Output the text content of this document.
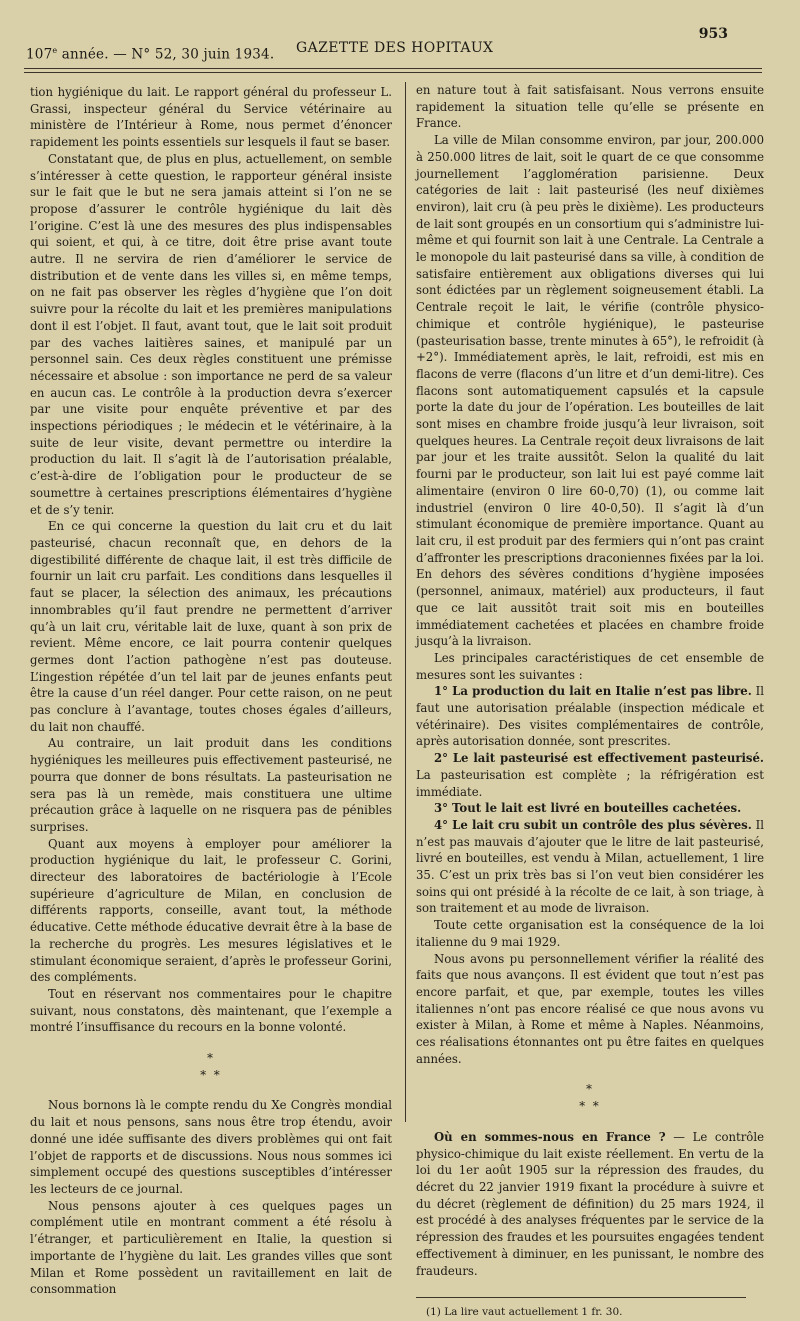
107e année. — N° 52, 30 juin 1934. GAZETTE DES HOPITAUX
953

tion hygiénique du lait. Le rapport général du professeur L. Grassi, inspecteur général du Service vétérinaire au ministère de l’Intérieur à Rome, nous permet d’énoncer rapidement les points essentiels sur lesquels il faut se baser.

Constatant que, de plus en plus, actuellement, on semble s’intéresser à cette question, le rapporteur général insiste sur le fait que le but ne sera jamais atteint si l’on ne se propose d’assurer le contrôle hygiénique du lait dès l’origine. C’est là une des mesures des plus indispensables qui soient, et qui, à ce titre, doit être prise avant toute autre. Il ne servira de rien d’améliorer le service de distribution et de vente dans les villes si, en même temps, on ne fait pas observer les règles d’hygiène que l’on doit suivre pour la récolte du lait et les premières manipulations dont il est l’objet. Il faut, avant tout, que le lait soit produit par des vaches laitières saines, et manipulé par un personnel sain. Ces deux règles constituent une prémisse nécessaire et absolue : son importance ne perd de sa valeur en aucun cas. Le contrôle à la production devra s’exercer par une visite pour enquête préventive et par des inspections périodiques ; le médecin et le vétérinaire, à la suite de leur visite, devant permettre ou interdire la production du lait. Il s’agit là de l’autorisation préalable, c’est-à-dire de l’obligation pour le producteur de se soumettre à certaines prescriptions élémentaires d’hygiène et de s’y tenir.

En ce qui concerne la question du lait cru et du lait pasteurisé, chacun reconnaît que, en dehors de la digestibilité différente de chaque lait, il est très difficile de fournir un lait cru parfait. Les conditions dans lesquelles il faut se placer, la sélection des animaux, les précautions innombrables qu’il faut prendre ne permettent d’arriver qu’à un lait cru, véritable lait de luxe, quant à son prix de revient. Même encore, ce lait pourra contenir quelques germes dont l’action pathogène n’est pas douteuse. L’ingestion répétée d’un tel lait par de jeunes enfants peut être la cause d’un réel danger. Pour cette raison, on ne peut pas conclure à l’avantage, toutes choses égales d’ailleurs, du lait non chauffé.

Au contraire, un lait produit dans les conditions hygiéniques les meilleures puis effectivement pasteurisé, ne pourra que donner de bons résultats. La pasteurisation ne sera pas là un remède, mais constituera une ultime précaution grâce à laquelle on ne risquera pas de pénibles surprises.

Quant aux moyens à employer pour améliorer la production hygiénique du lait, le professeur C. Gorini, directeur des laboratoires de bactériologie à l’Ecole supérieure d’agriculture de Milan, en conclusion de différents rapports, conseille, avant tout, la méthode éducative. Cette méthode éducative devrait être à la base de la recherche du progrès. Les mesures législatives et le stimulant économique seraient, d’après le professeur Gorini, des compléments.

Tout en réservant nos commentaires pour le chapitre suivant, nous constatons, dès maintenant, que l’exemple a montré l’insuffisance du recours en la bonne volonté.

*
* *

Nous bornons là le compte rendu du Xe Congrès mondial du lait et nous pensons, sans nous être trop étendu, avoir donné une idée suffisante des divers problèmes qui ont fait l’objet de rapports et de discussions. Nous nous sommes ici simplement occupé des questions susceptibles d’intéresser les lecteurs de ce journal.

Nous pensons ajouter à ces quelques pages un complément utile en montrant comment a été résolu à l’étranger, et particulièrement en Italie, la question si importante de l’hygiène du lait. Les grandes villes que sont Milan et Rome possèdent un ravitaillement en lait de consommation

en nature tout à fait satisfaisant. Nous verrons ensuite rapidement la situation telle qu’elle se présente en France.

La ville de Milan consomme environ, par jour, 200.000 à 250.000 litres de lait, soit le quart de ce que consomme journellement l’agglomération parisienne. Deux catégories de lait : lait pasteurisé (les neuf dixièmes environ), lait cru (à peu près le dixième). Les producteurs de lait sont groupés en un consortium qui s’administre lui-même et qui fournit son lait à une Centrale. La Centrale a le monopole du lait pasteurisé dans sa ville, à condition de satisfaire entièrement aux obligations diverses qui lui sont édictées par un règlement soigneusement établi. La Centrale reçoit le lait, le vérifie (contrôle physico-chimique et contrôle hygiénique), le pasteurise (pasteurisation basse, trente minutes à 65°), le refroidit (à +2°). Immédiatement après, le lait, refroidi, est mis en flacons de verre (flacons d’un litre et d’un demi-litre). Ces flacons sont automatiquement capsulés et la capsule porte la date du jour de l’opération. Les bouteilles de lait sont mises en chambre froide jusqu’à leur livraison, soit quelques heures. La Centrale reçoit deux livraisons de lait par jour et les traite aussitôt. Selon la qualité du lait fourni par le producteur, son lait lui est payé comme lait alimentaire (environ 0 lire 60-0,70) (1), ou comme lait industriel (environ 0 lire 40-0,50). Il s’agit là d’un stimulant économique de première importance. Quant au lait cru, il est produit par des fermiers qui n’ont pas craint d’affronter les prescriptions draconiennes fixées par la loi. En dehors des sévères conditions d’hygiène imposées (personnel, animaux, matériel) aux producteurs, il faut que ce lait aussitôt trait soit mis en bouteilles immédiatement cachetées et placées en chambre froide jusqu’à la livraison.

Les principales caractéristiques de cet ensemble de mesures sont les suivantes :

1° La production du lait en Italie n’est pas libre. Il faut une autorisation préalable (inspection médicale et vétérinaire). Des visites complémentaires de contrôle, après autorisation donnée, sont prescrites.

2° Le lait pasteurisé est effectivement pasteurisé. La pasteurisation est complète ; la réfrigération est immédiate.

3° Tout le lait est livré en bouteilles cachetées.

4° Le lait cru subit un contrôle des plus sévères. Il n’est pas mauvais d’ajouter que le litre de lait pasteurisé, livré en bouteilles, est vendu à Milan, actuellement, 1 lire 35. C’est un prix très bas si l’on veut bien considérer les soins qui ont présidé à la récolte de ce lait, à son triage, à son traitement et au mode de livraison.

Toute cette organisation est la conséquence de la loi italienne du 9 mai 1929.

Nous avons pu personnellement vérifier la réalité des faits que nous avançons. Il est évident que tout n’est pas encore parfait, et que, par exemple, toutes les villes italiennes n’ont pas encore réalisé ce que nous avons vu exister à Milan, à Rome et même à Naples. Néanmoins, ces réalisations étonnantes ont pu être faites en quelques années.

*
* *

Où en sommes-nous en France ? — Le contrôle physico-chimique du lait existe réellement. En vertu de la loi du 1er août 1905 sur la répression des fraudes, du décret du 22 janvier 1919 fixant la procédure à suivre et du décret (règlement de définition) du 25 mars 1924, il est procédé à des analyses fréquentes par le service de la répression des fraudes et les poursuites engagées tendent effectivement à diminuer, en les punissant, le nombre des fraudeurs.

(1) La lire vaut actuellement 1 fr. 30.
